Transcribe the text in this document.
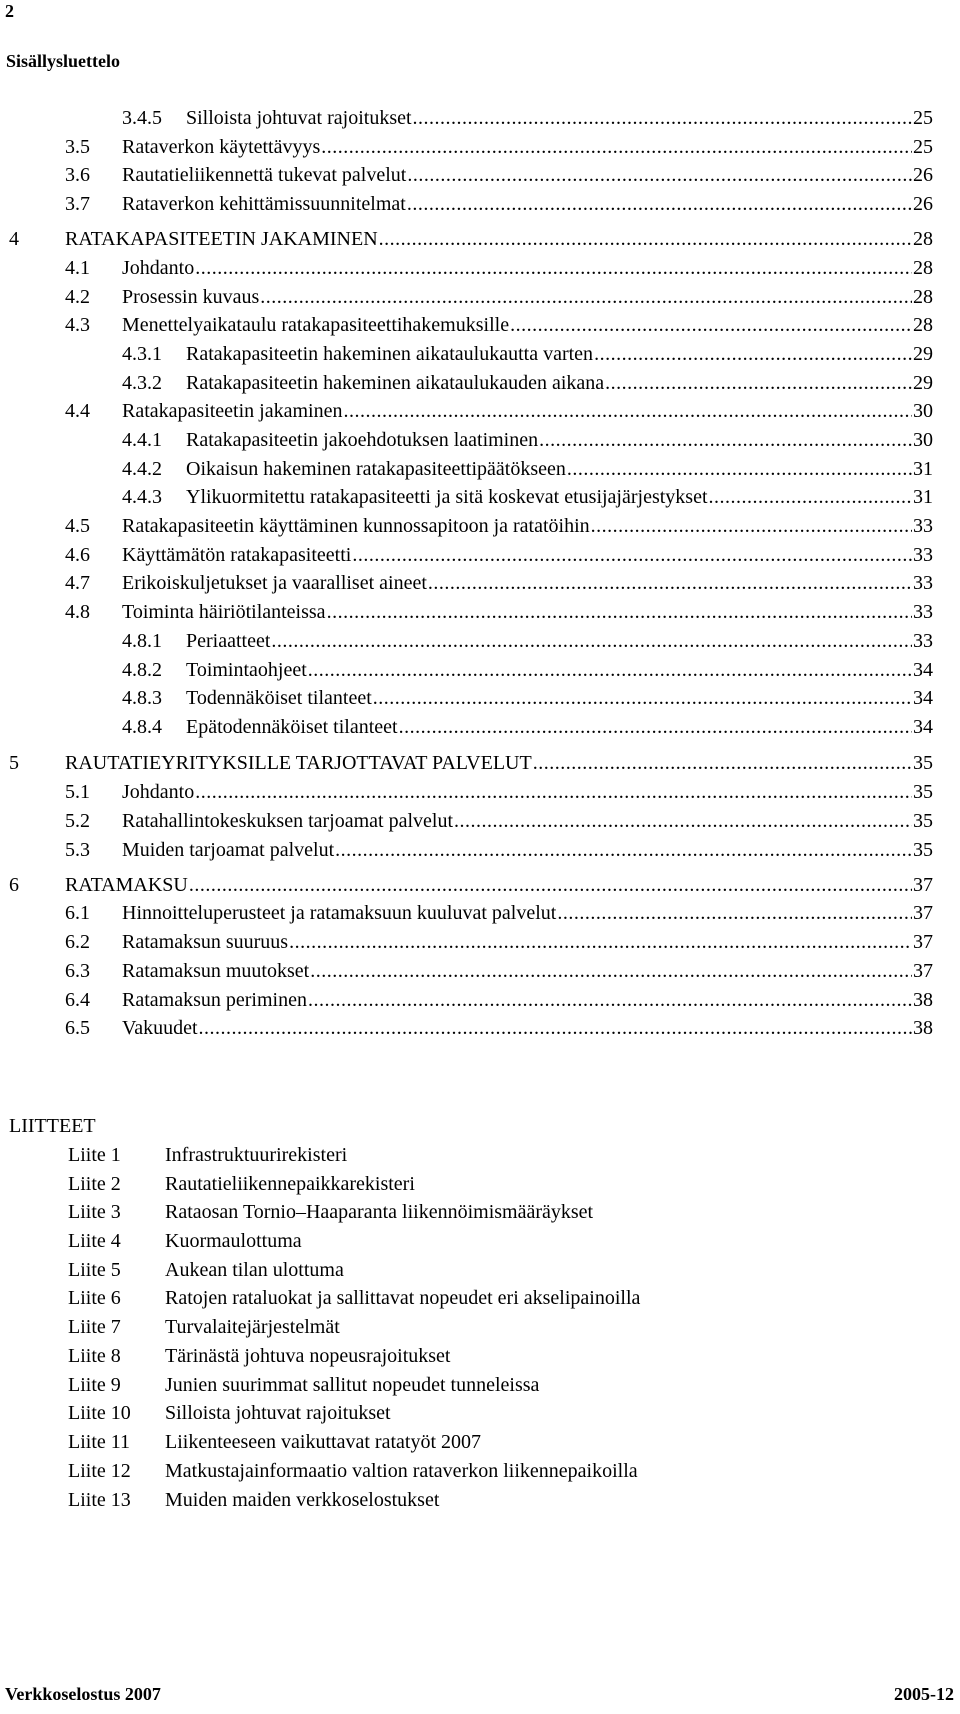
2
Sisällysluettelo
3.4.5 Silloista johtuvat rajoitukset .....	25
3.5 Rataverkon käytettävyys .....	25
3.6 Rautatieliikennettä tukevat palvelut .....	26
3.7 Rataverkon kehittämissuunnitelmat .....	26
4 RATAKAPASITEETIN JAKAMINEN .....	28
4.1 Johdanto .....	28
4.2 Prosessin kuvaus .....	28
4.3 Menettelyaikataulu ratakapasiteettihakemuksille .....	28
4.3.1 Ratakapasiteetin hakeminen aikataulukautta varten .....	29
4.3.2 Ratakapasiteetin hakeminen aikataulukauden aikana .....	29
4.4 Ratakapasiteetin jakaminen .....	30
4.4.1 Ratakapasiteetin jakoehdotuksen laatiminen .....	30
4.4.2 Oikaisun hakeminen ratakapasiteettipäätökseen .....	31
4.4.3 Ylikuormitettu ratakapasiteetti ja sitä koskevat etusijajärjestykset .....	31
4.5 Ratakapasiteetin käyttäminen kunnossapitoon ja ratatöihin .....	33
4.6 Käyttämätön ratakapasiteetti .....	33
4.7 Erikoiskuljetukset ja vaaralliset aineet .....	33
4.8 Toiminta häiriötilanteissa .....	33
4.8.1 Periaatteet .....	33
4.8.2 Toimintaohjeet .....	34
4.8.3 Todennäköiset tilanteet .....	34
4.8.4 Epätodennäköiset tilanteet .....	34
5 RAUTATIEYRITYKSILLE TARJOTTAVAT PALVELUT .....	35
5.1 Johdanto .....	35
5.2 Ratahallintokeskuksen tarjoamat palvelut .....	35
5.3 Muiden tarjoamat palvelut .....	35
6 RATAMAKSU .....	37
6.1 Hinnoitteluperusteet ja ratamaksuun kuuluvat palvelut .....	37
6.2 Ratamaksun suuruus .....	37
6.3 Ratamaksun muutokset .....	37
6.4 Ratamaksun periminen .....	38
6.5 Vakuudet .....	38
LIITTEET
Liite 1 Infrastruktuurirekisteri
Liite 2 Rautatieliikennepaikkarekisteri
Liite 3 Rataosan Tornio–Haaparanta liikennöimismääräykset
Liite 4 Kuormaulottuma
Liite 5 Aukean tilan ulottuma
Liite 6 Ratojen rataluokat ja sallittavat nopeudet eri akselipainoilla
Liite 7 Turvalaitejärjestelmät
Liite 8 Tärinästä johtuva nopeusrajoitukset
Liite 9 Junien suurimmat sallitut nopeudet tunneleissa
Liite 10 Silloista johtuvat rajoitukset
Liite 11 Liikenteeseen vaikuttavat ratatyöt 2007
Liite 12 Matkustajainformaatio valtion rataverkon liikennepaikoilla
Liite 13 Muiden maiden verkkoselostukset
Verkkoselostus 2007	2005-12
